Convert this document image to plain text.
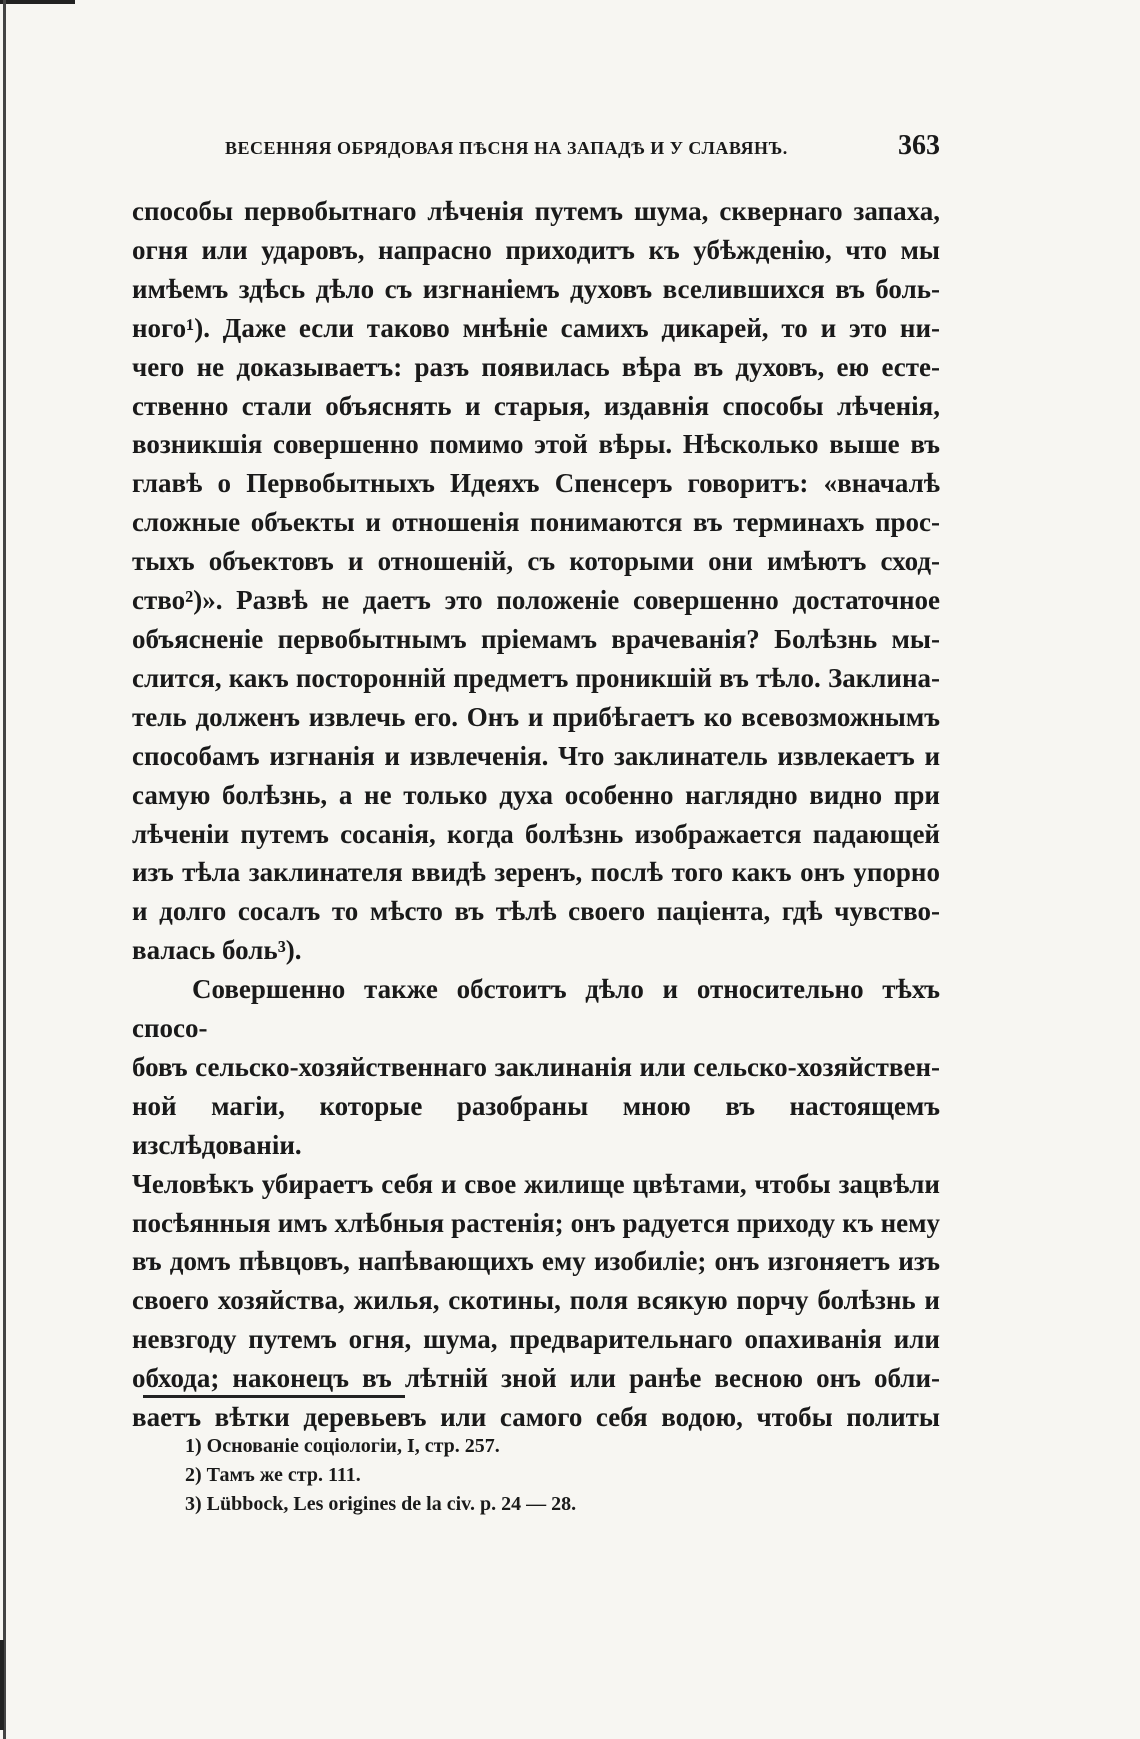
ВЕСЕННЯЯ ОБРЯДОВАЯ ПѢСНЯ НА ЗАПАДѢ И У СЛАВЯНЪ.	363

способы первобытнаго лѣченія путемъ шума, сквернаго запаха,

огня или ударовъ, напрасно приходитъ къ убѣжденію, что мы

имѣемъ здѣсь дѣло съ изгнаніемъ духовъ вселившихся въ боль-

ного¹). Даже если таково мнѣніе самихъ дикарей, то и это ни-

чего не доказываетъ: разъ появилась вѣра въ духовъ, ею есте-

ственно стали объяснять и старыя, издавнія способы лѣченія,

возникшія совершенно помимо этой вѣры. Нѣсколько выше въ

главѣ о Первобытныхъ Идеяхъ Спенсеръ говоритъ: «вначалѣ

сложные объекты и отношенія понимаются въ терминахъ прос-

тыхъ объектовъ и отношеній, съ которыми они имѣютъ сход-

ство²)». Развѣ не даетъ это положеніе совершенно достаточное

объясненіе первобытнымъ пріемамъ врачеванія? Болѣзнь мы-

слится, какъ посторонній предметъ проникшій въ тѣло. Заклина-

тель долженъ извлечь его. Онъ и прибѣгаетъ ко всевозможнымъ

способамъ изгнанія и извлеченія. Что заклинатель извлекаетъ и

самую болѣзнь, а не только духа особенно наглядно видно при

лѣченіи путемъ сосанія, когда болѣзнь изображается падающей

изъ тѣла заклинателя ввидѣ зеренъ, послѣ того какъ онъ упорно

и долго сосалъ то мѣсто въ тѣлѣ своего паціента, гдѣ чувство-

валась боль³).

Совершенно также обстоитъ дѣло и относительно тѣхъ спосо-

бовъ сельско-хозяйственнаго заклинанія или сельско-хозяйствен-

ной магіи, которые разобраны мною въ настоящемъ изслѣдованіи.

Человѣкъ убираетъ себя и свое жилище цвѣтами, чтобы зацвѣли

посѣянныя имъ хлѣбныя растенія; онъ радуется приходу къ нему

въ домъ пѣвцовъ, напѣвающихъ ему изобиліе; онъ изгоняетъ изъ

своего хозяйства, жилья, скотины, поля всякую порчу болѣзнь и

невзгоду путемъ огня, шума, предварительнаго опахиванія или

обхода; наконецъ въ лѣтній зной или ранѣе весною онъ обли-

ваетъ вѣтки деревьевъ или самого себя водою, чтобы политы

1) Основаніе соціологіи, I, стр. 257.
2) Тамъ же стр. 111.
3) Lübbock, Les origines de la civ. p. 24 — 28.
